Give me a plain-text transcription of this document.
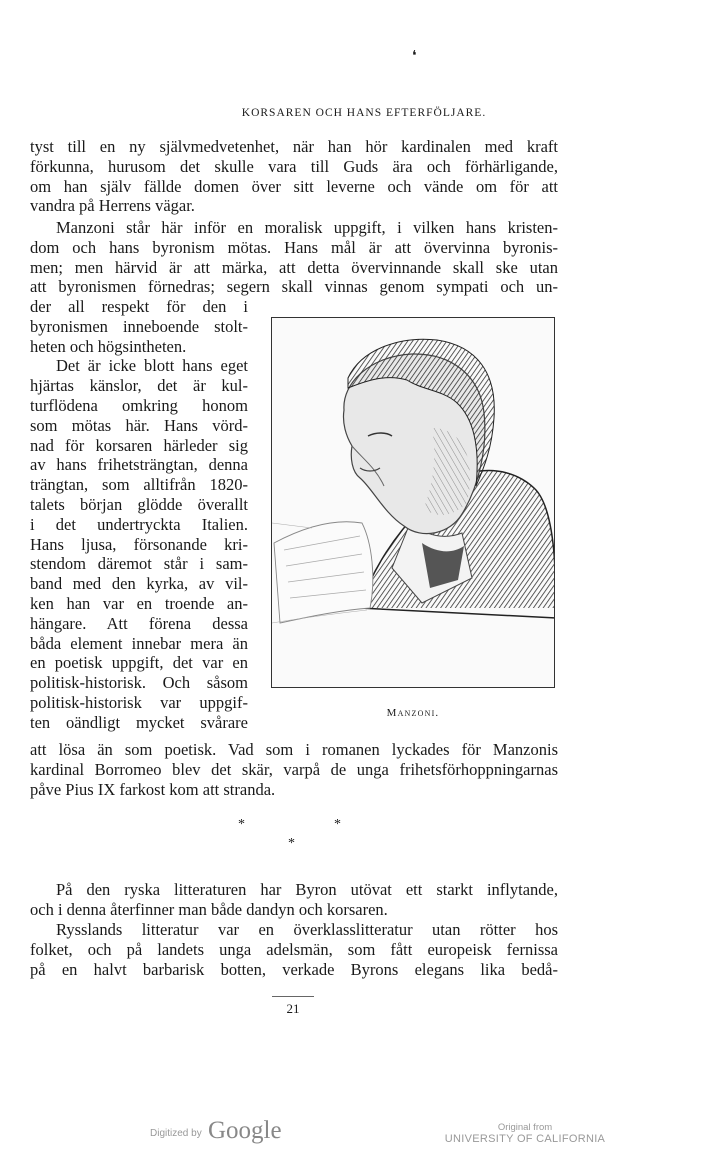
❛
KORSAREN OCH HANS EFTERFÖLJARE.
tyst till en ny självmedvetenhet, när han hör kardinalen med kraft
förkunna, hurusom det skulle vara till Guds ära och förhärligande,
om han själv fällde domen över sitt leverne och vände om för att
vandra på Herrens vägar.
Manzoni står här inför en moralisk uppgift, i vilken hans kristen-
dom och hans byronism mötas. Hans mål är att övervinna byronis-
men; men härvid är att märka, att detta övervinnande skall ske utan
att byronismen förnedras; segern skall vinnas genom sympati och un-
der all respekt för den i
byronismen inneboende stolt-
heten och högsintheten.
Det är icke blott hans eget
hjärtas känslor, det är kul-
turflödena omkring honom
som mötas här. Hans vörd-
nad för korsaren härleder sig
av hans frihetsträngtan, denna
trängtan, som alltifrån 1820-
talets början glödde överallt
i det undertryckta Italien.
Hans ljusa, försonande kri-
stendom däremot står i sam-
band med den kyrka, av vil-
ken han var en troende an-
hängare. Att förena dessa
båda element innebar mera än
en poetisk uppgift, det var en
politisk-historisk. Och såsom
politisk-historisk var uppgif-
ten oändligt mycket svårare	Manzoni.
att lösa än som poetisk. Vad som i romanen lyckades för Manzonis
kardinal Borromeo blev det skär, varpå de unga frihetsförhoppningarnas
påve Pius IX farkost kom att stranda.
*	*
*
På den ryska litteraturen har Byron utövat ett starkt inflytande,
och i denna återfinner man både dandyn och korsaren.
Rysslands litteratur var en överklasslitteratur utan rötter hos
folket, och på landets unga adelsmän, som fått europeisk fernissa
på en halvt barbarisk botten, verkade Byrons elegans lika bedå-
21
Digitized by Google	Original from
UNIVERSITY OF CALIFORNIA
